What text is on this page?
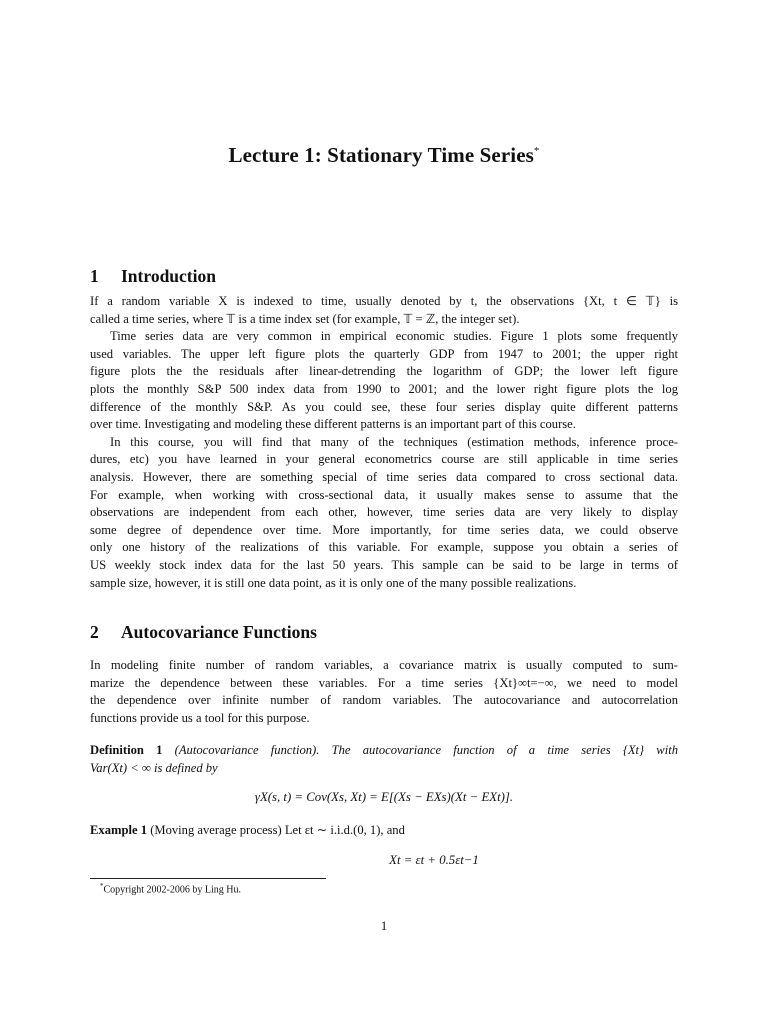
Lecture 1: Stationary Time Series*
1 Introduction
If a random variable X is indexed to time, usually denoted by t, the observations {Xt, t ∈ 𝕋} is
called a time series, where 𝕋 is a time index set (for example, 𝕋 = ℤ, the integer set).
Time series data are very common in empirical economic studies. Figure 1 plots some frequently
used variables. The upper left figure plots the quarterly GDP from 1947 to 2001; the upper right
figure plots the the residuals after linear-detrending the logarithm of GDP; the lower left figure
plots the monthly S&P 500 index data from 1990 to 2001; and the lower right figure plots the log
difference of the monthly S&P. As you could see, these four series display quite different patterns
over time. Investigating and modeling these different patterns is an important part of this course.
In this course, you will find that many of the techniques (estimation methods, inference proce-
dures, etc) you have learned in your general econometrics course are still applicable in time series
analysis. However, there are something special of time series data compared to cross sectional data.
For example, when working with cross-sectional data, it usually makes sense to assume that the
observations are independent from each other, however, time series data are very likely to display
some degree of dependence over time. More importantly, for time series data, we could observe
only one history of the realizations of this variable. For example, suppose you obtain a series of
US weekly stock index data for the last 50 years. This sample can be said to be large in terms of
sample size, however, it is still one data point, as it is only one of the many possible realizations.
2 Autocovariance Functions
In modeling finite number of random variables, a covariance matrix is usually computed to sum-
marize the dependence between these variables. For a time series {Xt}∞t=−∞, we need to model
the dependence over infinite number of random variables. The autocovariance and autocorrelation
functions provide us a tool for this purpose.
Definition 1 (Autocovariance function). The autocovariance function of a time series {Xt} with
Var(Xt) < ∞ is defined by
γX(s, t) = Cov(Xs, Xt) = E[(Xs − EXs)(Xt − EXt)].
Example 1 (Moving average process) Let εt ∼ i.i.d.(0, 1), and
Xt = εt + 0.5εt−1
*Copyright 2002-2006 by Ling Hu.
1
